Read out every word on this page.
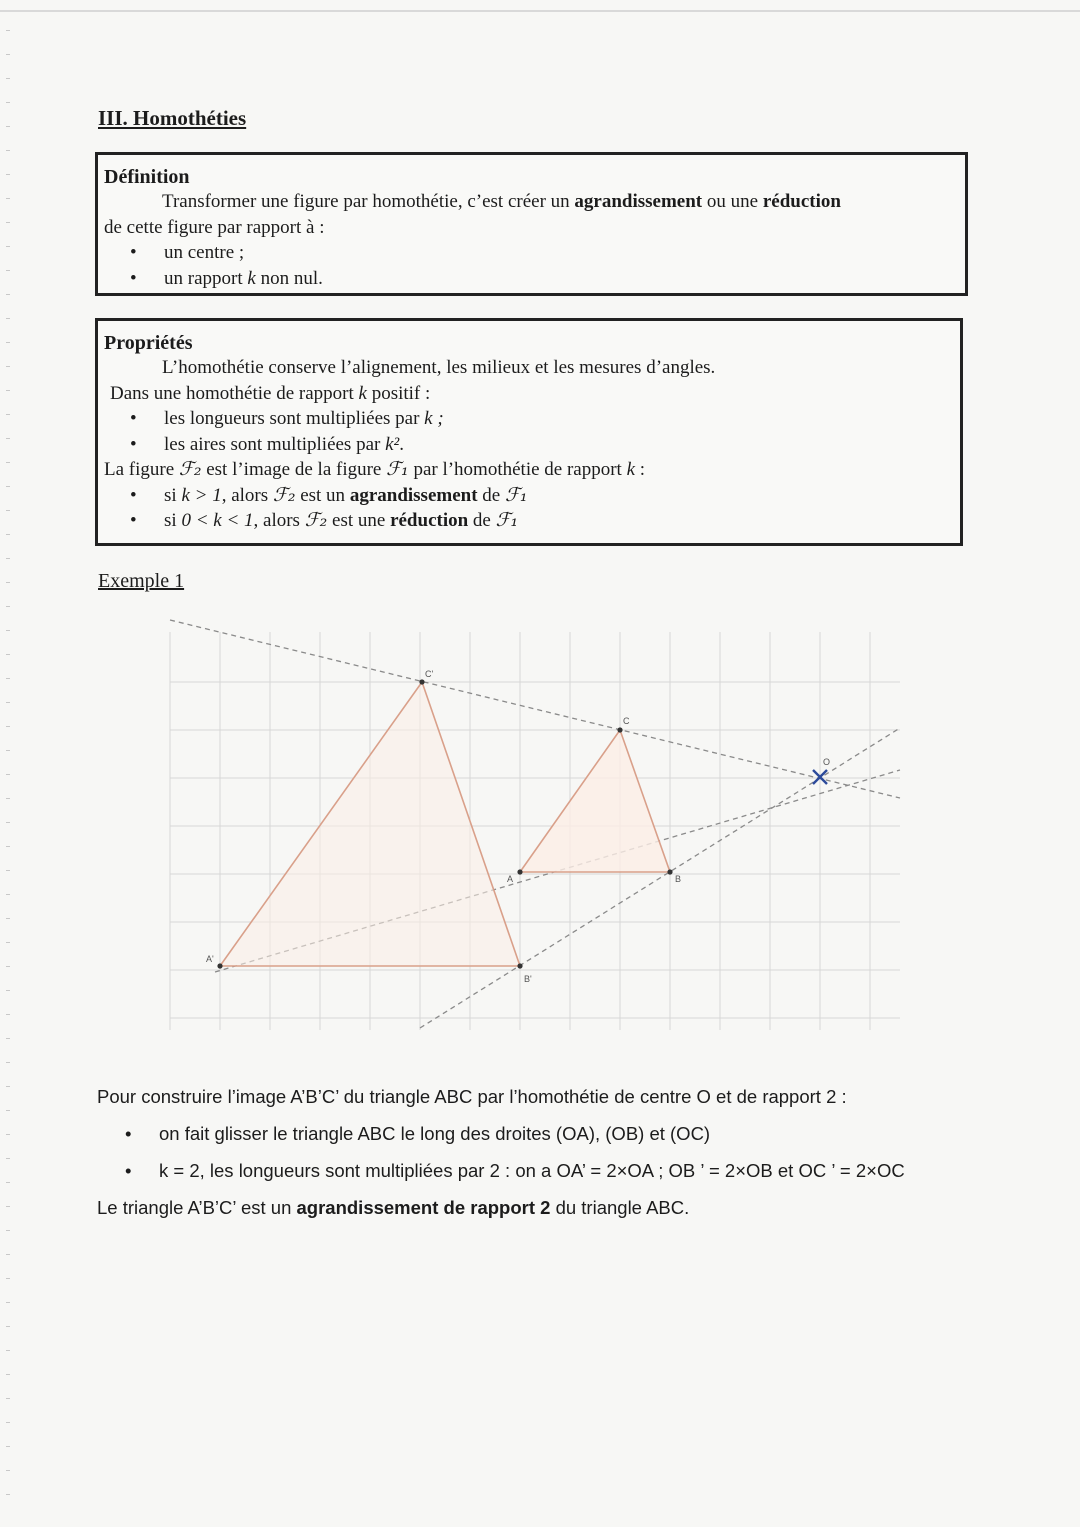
III. Homothéties
Définition

Transformer une figure par homothétie, c’est créer un agrandissement ou une réduction

de cette figure par rapport à :

• un centre ;
• un rapport k non nul.
Propriétés

L’homothétie conserve l’alignement, les milieux et les mesures d’angles.

Dans une homothétie de rapport k positif :

• les longueurs sont multipliées par k ;
• les aires sont multipliées par k².

La figure ℱ₂ est l’image de la figure ℱ₁ par l’homothétie de rapport k :

• si k > 1, alors ℱ₂ est un agrandissement de ℱ₁
• si 0 < k < 1, alors ℱ₂ est une réduction de ℱ₁

Exemple 1

O
A	B
C
A'
B'
C'

Pour construire l’image A’B’C’ du triangle ABC par l’homothétie de centre O et de rapport 2 :

• on fait glisser le triangle ABC le long des droites (OA), (OB) et (OC)
• k = 2, les longueurs sont multipliées par 2 : on a OA’ = 2×OA ; OB ’ = 2×OB et OC ’ = 2×OC

Le triangle A’B’C’ est un agrandissement de rapport 2 du triangle ABC.
